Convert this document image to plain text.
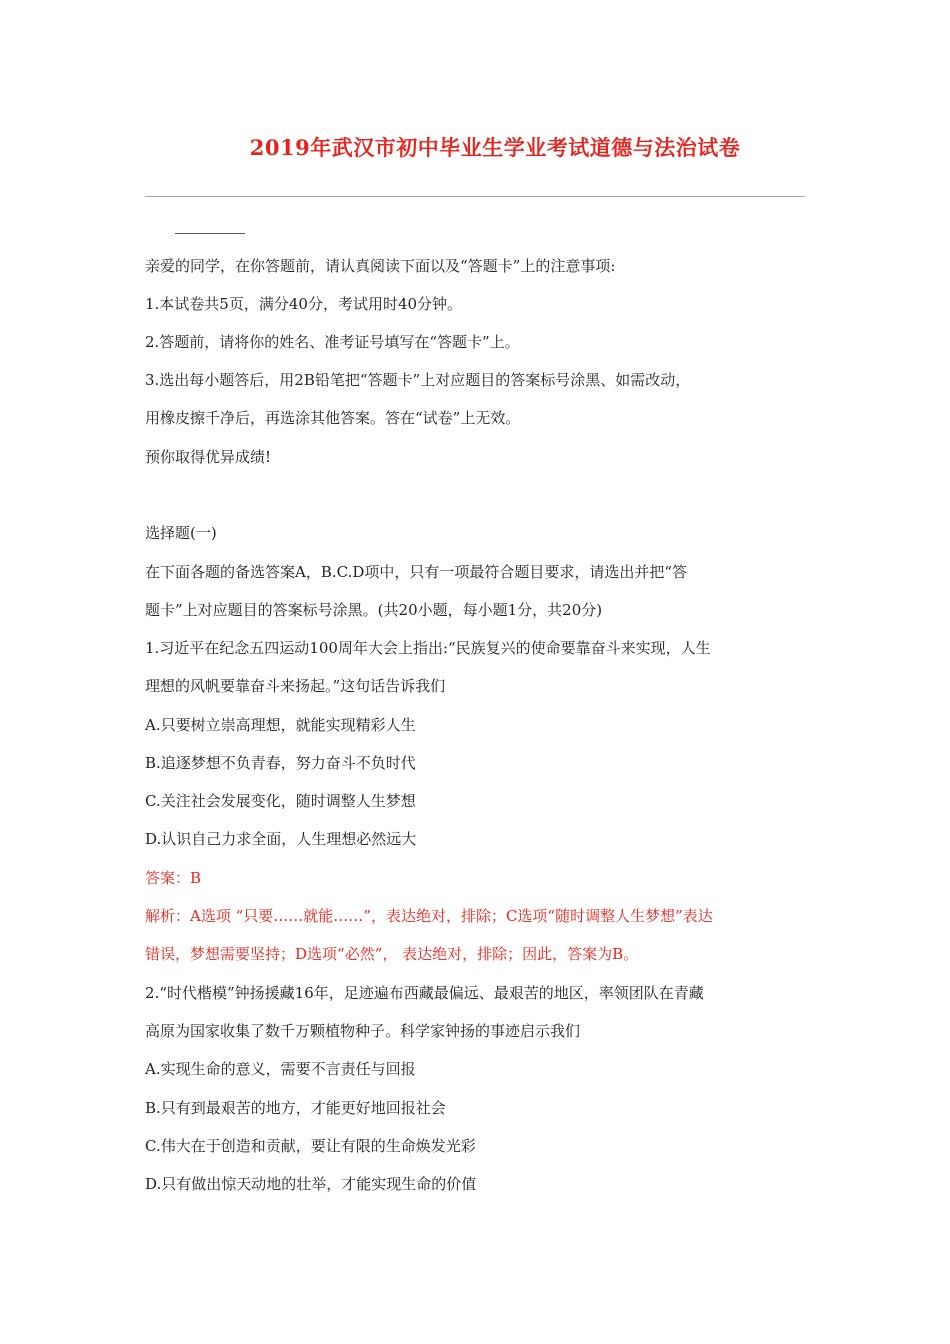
2019年武汉市初中毕业生学业考试道德与法治试卷
亲爱的同学，在你答题前，请认真阅读下面以及“答题卡”上的注意事项:
1.本试卷共5页，满分40分，考试用时40分钟。
2.答题前，请将你的姓名、准考证号填写在“答题卡”上。
3.选出每小题答后，用2B铅笔把“答题卡”上对应题目的答案标号涂黑、如需改动，
用橡皮擦千净后，再选涂其他答案。答在“试卷”上无效。
预你取得优异成绩!
选择题(一)
在下面各题的备选答案A，B.C.D项中，只有一项最符合题目要求，请选出并把“答
题卡”上对应题目的答案标号涂黑。(共20小题，每小题1分，共20分)
1.习近平在纪念五四运动100周年大会上指出:“民族复兴的使命要靠奋斗来实现，人生
理想的风帆要靠奋斗来扬起。”这句话告诉我们
A.只要树立崇高理想，就能实现精彩人生
B.追逐梦想不负青春，努力奋斗不负时代
C.关注社会发展变化，随时调整人生梦想
D.认识自己力求全面，人生理想必然远大
答案：B
解析：A选项 “只要……就能……”，表达绝对，排除；C选项“随时调整人生梦想”表达
错误，梦想需要坚持；D选项“必然”， 表达绝对，排除；因此，答案为B。
2.“时代楷模”钟扬援藏16年，足迹遍布西藏最偏远、最艰苦的地区，率领团队在青藏
高原为国家收集了数千万颗植物种子。科学家钟扬的事迹启示我们
A.实现生命的意义，需要不言责任与回报
B.只有到最艰苦的地方，才能更好地回报社会
C.伟大在于创造和贡献，要让有限的生命焕发光彩
D.只有做出惊天动地的壮举，才能实现生命的价值
